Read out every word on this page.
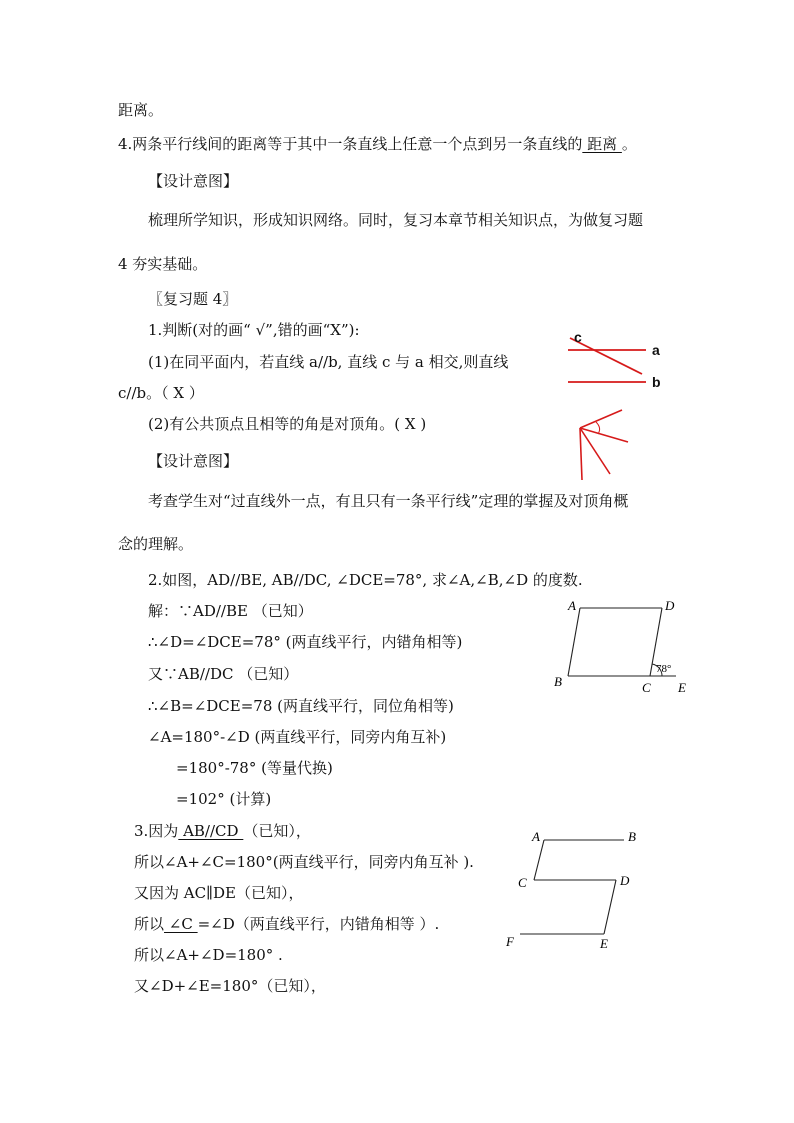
距离。
4.两条平行线间的距离等于其中一条直线上任意一个点到另一条直线的 距离 。
【设计意图】
梳理所学知识，形成知识网络。同时，复习本章节相关知识点，为做复习题
4 夯实基础。
〖复习题 4〗
1.判断(对的画“ √”,错的画“X”):
(1)在同平面内，若直线 a//b, 直线 c 与 a 相交,则直线
c//b。（ X ）
(2)有公共顶点且相等的角是对顶角。( X )
【设计意图】
考查学生对“过直线外一点，有且只有一条平行线”定理的掌握及对顶角概
念的理解。
2.如图，AD//BE, AB//DC, ∠DCE=78°, 求∠A,∠B,∠D 的度数.
解：∵AD//BE （已知）
∴∠D=∠DCE=78° (两直线平行，内错角相等)
又∵AB//DC （已知）
∴∠B=∠DCE=78 (两直线平行，同位角相等)
∠A=180°-∠D (两直线平行，同旁内角互补)
=180°-78° (等量代换)
=102° (计算)
3.因为 AB//CD （已知），
所以∠A+∠C=180°(两直线平行，同旁内角互补 ).
又因为 AC∥DE（已知），
所以 ∠C =∠D（两直线平行，内错角相等 ）.
所以∠A+∠D=180° .
又∠D+∠E=180°（已知），
c
a
b
A	D
B	C E
78°
A	B
C	D
E
F
